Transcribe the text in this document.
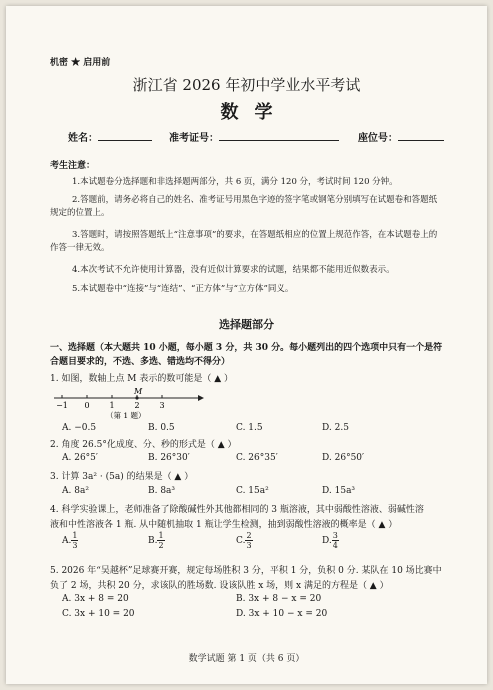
机密 ★ 启用前
浙江省 2026 年初中学业水平考试
数学
姓名：	准考证号：	座位号：
考生注意：
1.本试题卷分选择题和非选择题两部分，共 6 页，满分 120 分，考试时间 120 分钟。
2.答题前，请务必将自己的姓名、准考证号用黑色字迹的签字笔或钢笔分别填写在试题卷和答题纸规定的位置上。
3.答题时，请按照答题纸上“注意事项”的要求，在答题纸相应的位置上规范作答，在本试题卷上的作答一律无效。
4.本次考试不允许使用计算器，没有近似计算要求的试题，结果都不能用近似数表示。
5.本试题卷中“连接”与“连结”、“正方体”与“立方体”同义。
选择题部分
一、选择题（本大题共 10 小题，每小题 3 分，共 30 分。每小题列出的四个选项中只有一个是符合题目要求的，不选、多选、错选均不得分）
1. 如图，数轴上点 M 表示的数可能是（ ▲ ）
−1 0 1 2 3
M
（第 1 题）
A. −0.5	B. 0.5	C. 1.5	D. 2.5
2. 角度 26.5°化成度、分、秒的形式是（ ▲ ）
A. 26°5′	B. 26°30′	C. 26°35′	D. 26°50′
3. 计算 3a² · (5a) 的结果是（ ▲ ）
A. 8a²	B. 8a³	C. 15a²	D. 15a³
4. 科学实验课上，老师准备了除酸碱性外其他都相同的 3 瓶溶液，其中弱酸性溶液、弱碱性溶
液和中性溶液各 1 瓶. 从中随机抽取 1 瓶让学生检测，抽到弱酸性溶液的概率是（ ▲ ）
A. $\frac{1}{3}$	B. $\frac{1}{2}$	C. $\frac{2}{3}$	D. $\frac{3}{4}$
5. 2026 年“吴越杯”足球赛开赛，规定每场胜积 3 分，平积 1 分，负积 0 分. 某队在 10 场比赛中
负了 2 场，共积 20 分，求该队的胜场数. 设该队胜 x 场，则 x 满足的方程是（ ▲ ）
A. 3x + 8 = 20	B. 3x + 8 − x = 20
C. 3x + 10 = 20	D. 3x + 10 − x = 20
数学试题 第 1 页（共 6 页）
